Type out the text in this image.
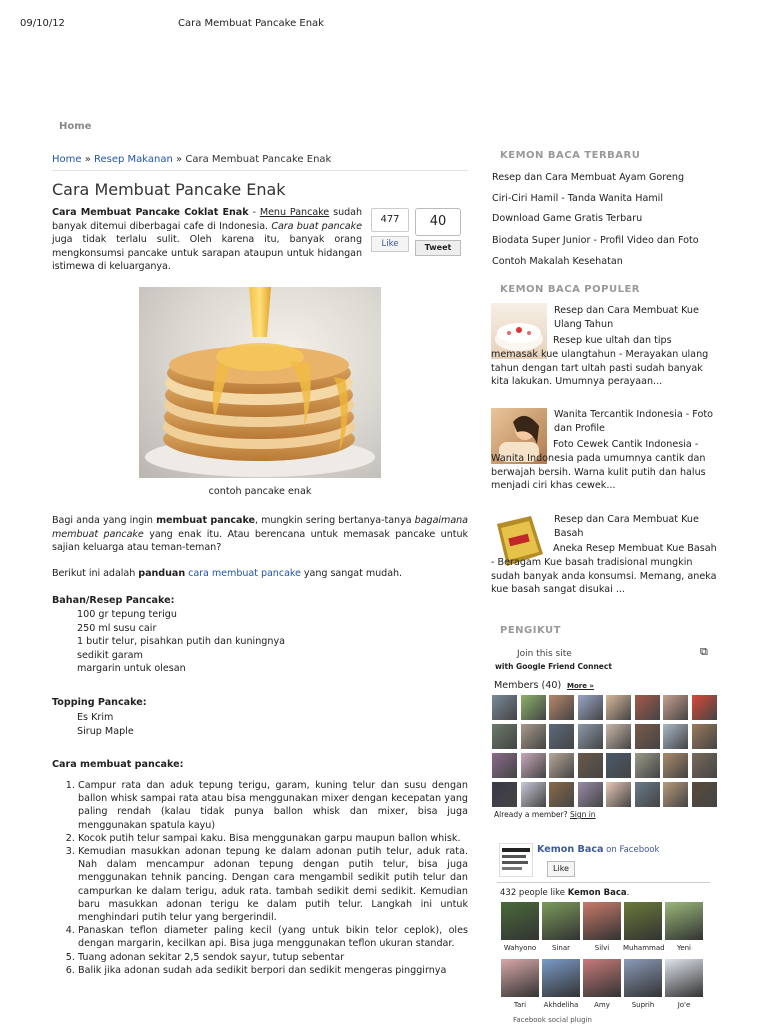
09/10/12	Cara Membuat Pancake Enak
Home
Home » Resep Makanan » Cara Membuat Pancake Enak
Cara Membuat Pancake Enak
Cara Membuat Pancake Coklat Enak - Menu Pancake sudah banyak ditemui diberbagai cafe di Indonesia. Cara buat pancake juga tidak terlalu sulit. Oleh karena itu, banyak orang mengkonsumsi pancake untuk sarapan ataupun untuk hidangan istimewa di keluarganya.
477
Like
40
Tweet
contoh pancake enak
Bagi anda yang ingin membuat pancake, mungkin sering bertanya-tanya bagaimana membuat pancake yang enak itu. Atau berencana untuk memasak pancake untuk sajian keluarga atau teman-teman?
Berikut ini adalah panduan cara membuat pancake yang sangat mudah.
Bahan/Resep Pancake:
100 gr tepung terigu
250 ml susu cair
1 butir telur, pisahkan putih dan kuningnya
sedikit garam
margarin untuk olesan
Topping Pancake:
Es Krim
Sirup Maple
Cara membuat pancake:
1. Campur rata dan aduk tepung terigu, garam, kuning telur dan susu dengan ballon whisk sampai rata atau bisa menggunakan mixer dengan kecepatan yang paling rendah (kalau tidak punya ballon whisk dan mixer, bisa juga menggunakan spatula kayu)
2. Kocok putih telur sampai kaku. Bisa menggunakan garpu maupun ballon whisk.
3. Kemudian masukkan adonan tepung ke dalam adonan putih telur, aduk rata. Nah dalam mencampur adonan tepung dengan putih telur, bisa juga menggunakan tehnik pancing. Dengan cara mengambil sedikit putih telur dan campurkan ke dalam terigu, aduk rata. tambah sedikit demi sedikit. Kemudian baru masukkan adonan terigu ke dalam putih telur. Langkah ini untuk menghindari putih telur yang bergerindil.
4. Panaskan teflon diameter paling kecil (yang untuk bikin telor ceplok), oles dengan margarin, kecilkan api. Bisa juga menggunakan teflon ukuran standar.
5. Tuang adonan sekitar 2,5 sendok sayur, tutup sebentar
6. Balik jika adonan sudah ada sedikit berpori dan sedikit mengeras pinggirnya
KEMON BACA TERBARU
Resep dan Cara Membuat Ayam Goreng
Ciri-Ciri Hamil - Tanda Wanita Hamil
Download Game Gratis Terbaru
Biodata Super Junior - Profil Video dan Foto
Contoh Makalah Kesehatan
KEMON BACA POPULER
Resep dan Cara Membuat Kue Ulang Tahun
Resep kue ultah dan tips memasak kue ulangtahun - Merayakan ulang tahun dengan tart ultah pasti sudah banyak kita lakukan. Umumnya perayaan...
Wanita Tercantik Indonesia - Foto dan Profile
Foto Cewek Cantik Indonesia - Wanita Indonesia pada umumnya cantik dan berwajah bersih. Warna kulit putih dan halus menjadi ciri khas cewek...
Resep dan Cara Membuat Kue Basah
Aneka Resep Membuat Kue Basah - Beragam Kue basah tradisional mungkin sudah banyak anda konsumsi. Memang, aneka kue basah sangat disukai ...
PENGIKUT
Join this site	⧉
with Google Friend Connect
Members (40) More »
Already a member? Sign in
Kemon Baca on Facebook
Like
432 people like Kemon Baca.
Wahyono	Sinar	Silvi	Muhammad	Yeni
Tari	Akhdeliha	Amy	Suprih	Jo'e
Facebook social plugin
